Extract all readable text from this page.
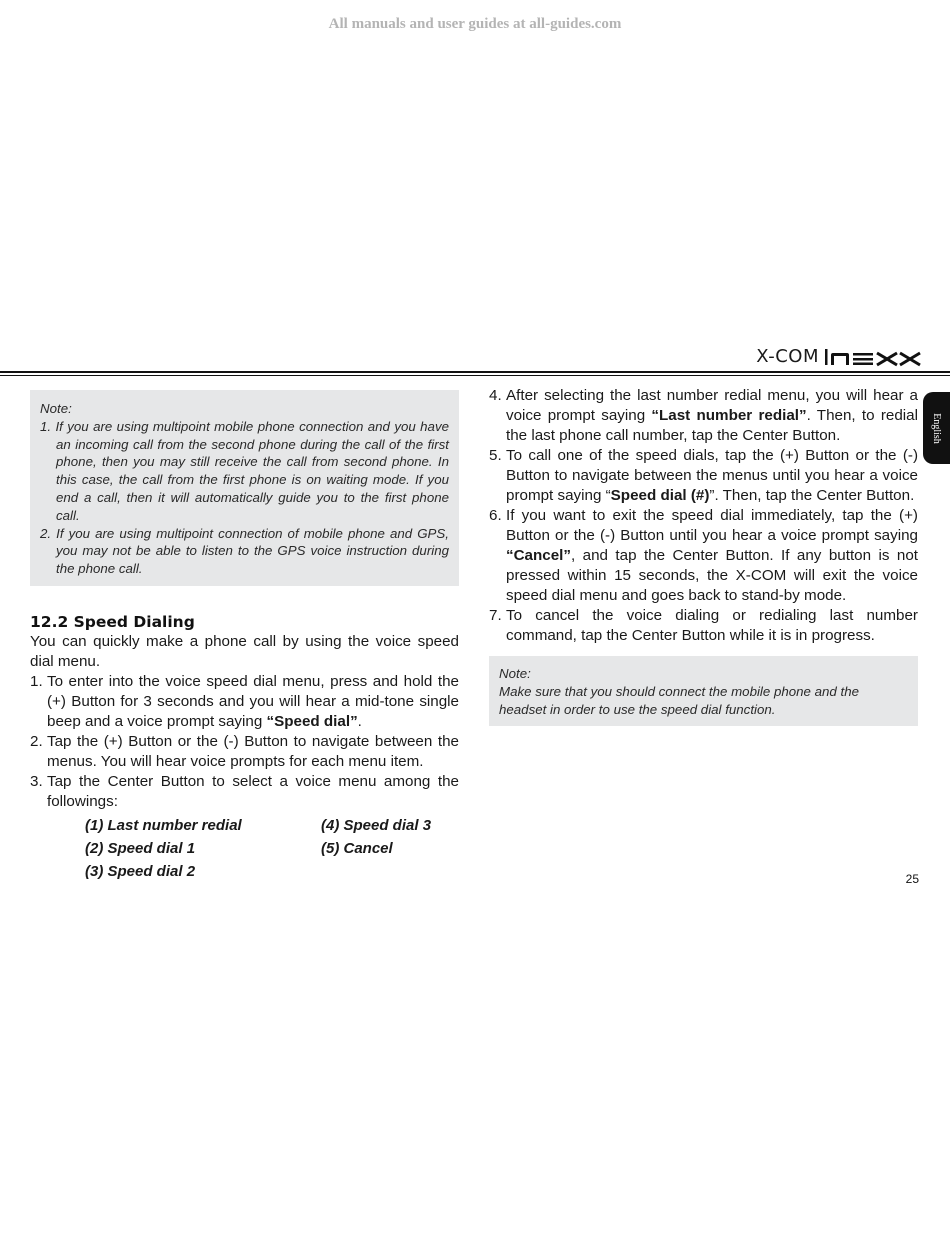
All manuals and user guides at all-guides.com
X-COM
English
Note:
1. If you are using multipoint mobile phone connection and you have an incoming call from the second phone during the call of the first phone, then you may still receive the call from second phone. In this case, the call from the first phone is on waiting mode. If you end a call, then it will automatically guide you to the first phone call.
2. If you are using multipoint connection of mobile phone and GPS, you may not be able to listen to the GPS voice instruction during the phone call.
12.2 Speed Dialing
You can quickly make a phone call by using the voice speed dial menu.
1. To enter into the voice speed dial menu, press and hold the (+) Button for 3 seconds and you will hear a mid-tone single beep and a voice prompt saying “Speed dial”.
2. Tap the (+) Button or the (-) Button to navigate between the menus. You will hear voice prompts for each menu item.
3. Tap the Center Button to select a voice menu among the followings:
(1) Last number redial	(4) Speed dial 3
(2) Speed dial 1	(5) Cancel
(3) Speed dial 2
4. After selecting the last number redial menu, you will hear a voice prompt saying “Last number redial”. Then, to redial the last phone call number, tap the Center Button.
5. To call one of the speed dials, tap the (+) Button or the (-) Button to navigate between the menus until you hear a voice prompt saying “Speed dial (#)”. Then, tap the Center Button.
6. If you want to exit the speed dial immediately, tap the (+) Button or the (-) Button until you hear a voice prompt saying “Cancel”, and tap the Center Button. If any button is not pressed within 15 seconds, the X-COM will exit the voice speed dial menu and goes back to stand-by mode.
7. To cancel the voice dialing or redialing last number command, tap the Center Button while it is in progress.
Note:
Make sure that you should connect the mobile phone and the headset in order to use the speed dial function.
25
